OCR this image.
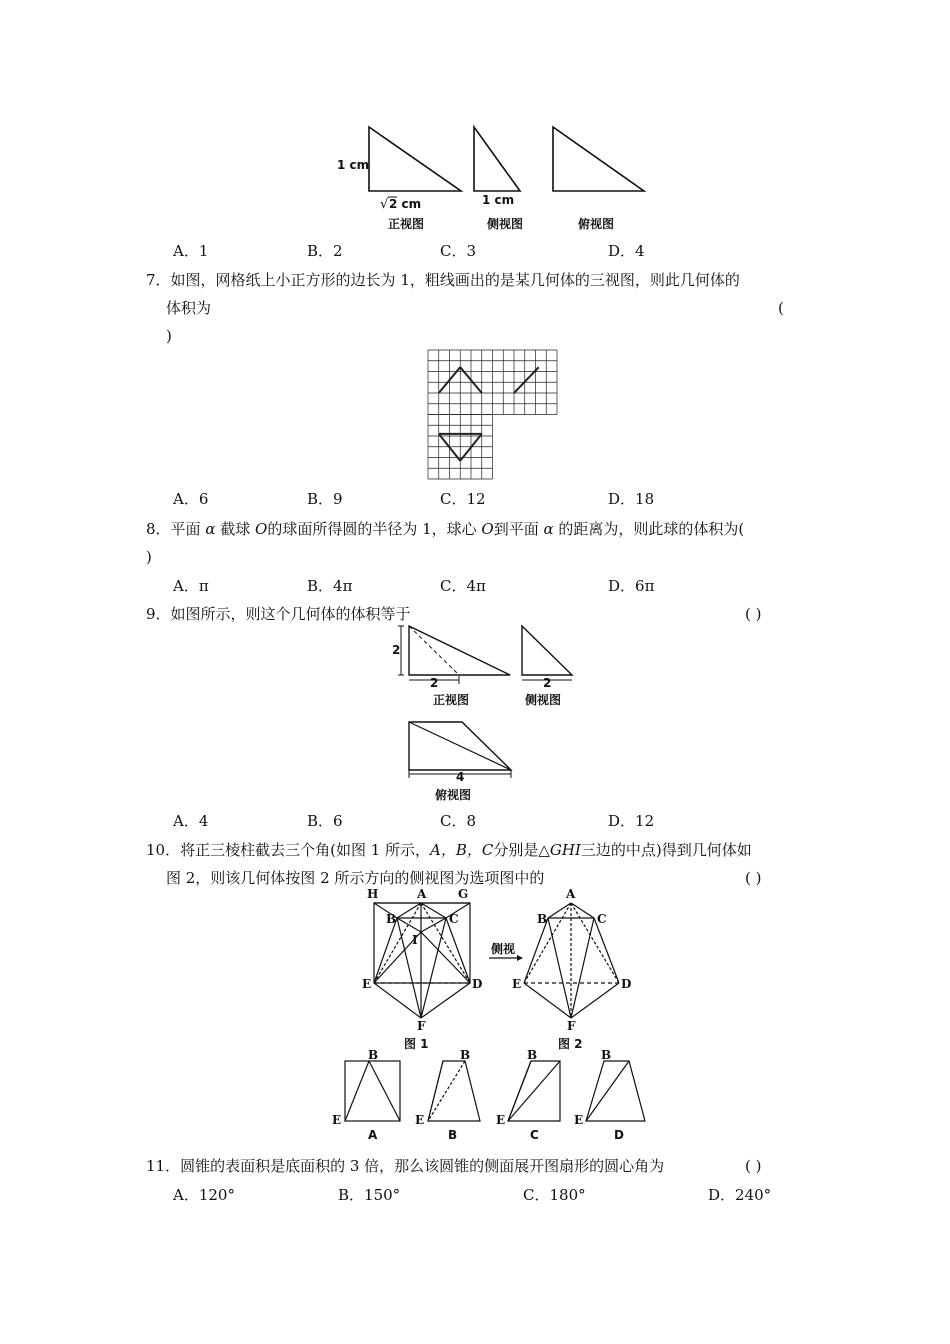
√
1 cm
2 cm	1 cm
正视图	侧视图	俯视图
A．1	B．2	C．3	D．4
7．如图，网格纸上小正方形的边长为 1，粗线画出的是某几何体的三视图，则此几何体的
体积为	(
)
A．6	B．9	C．12	D．18
8．平面 α 截球 O的球面所得圆的半径为 1，球心 O到平面 α 的距离为，则此球的体积为(
)
A．π	B．4π	C．4π	D．6π
9．如图所示，则这个几何体的体积等于	( )
2
2	2
正视图	侧视图
4
俯视图
A．4	B．6	C．8	D．12
10．将正三棱柱截去三个角(如图 1 所示，A，B，C分别是△GHI三边的中点)得到几何体如
图 2，则该几何体按图 2 所示方向的侧视图为选项图中的	( )
H	A	G
B	C
I
E	D
F
A
B	C
E	D
F
B
E
B
E
B
E
B
E
图 1	图 2
侧视
A	B	C	D
11．圆锥的表面积是底面积的 3 倍，那么该圆锥的侧面展开图扇形的圆心角为	( )
A．120°	B．150°	C．180°	D．240°
